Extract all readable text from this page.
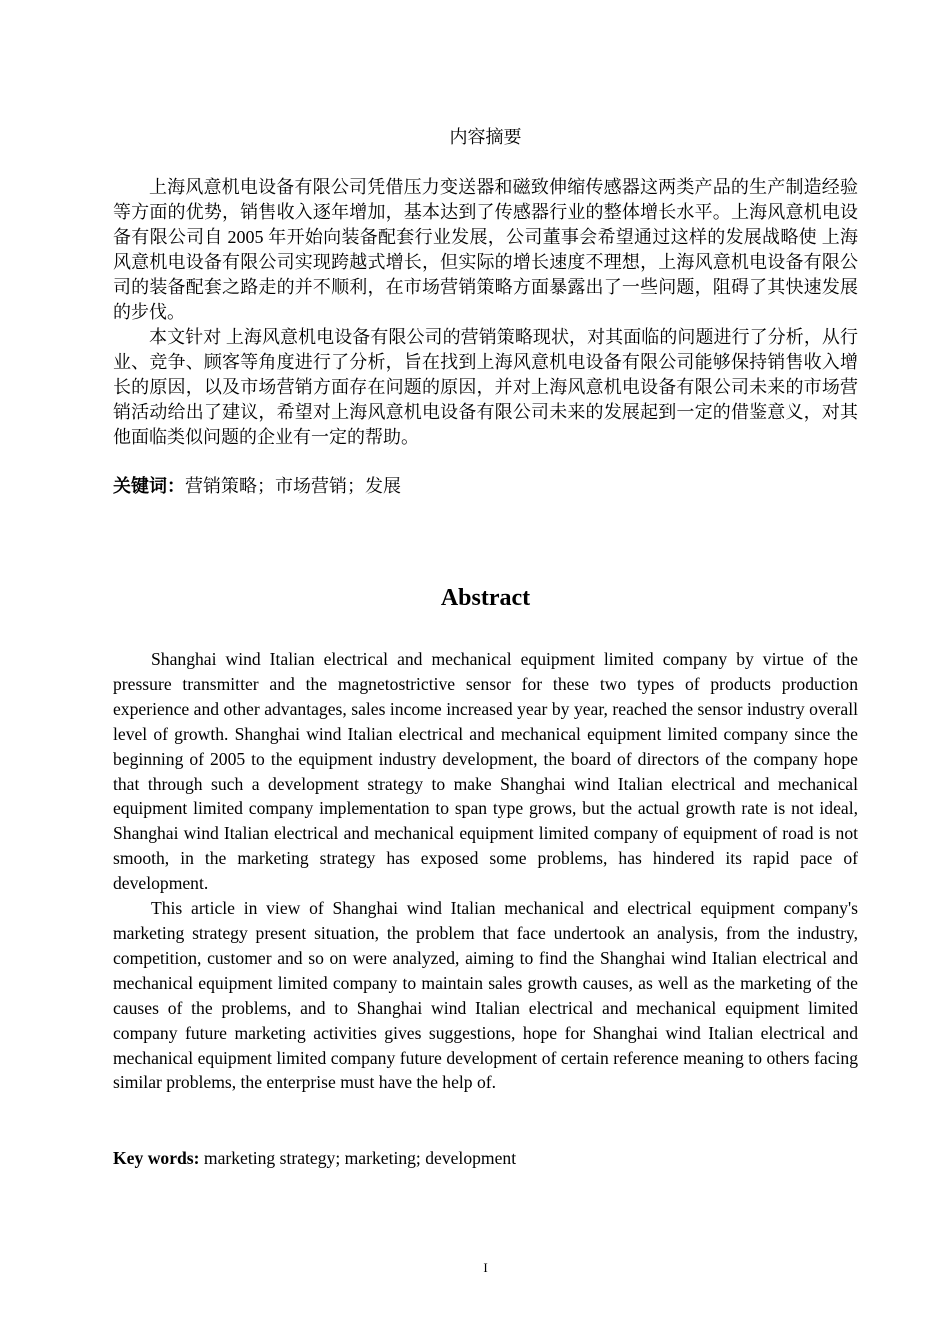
内容摘要

上海风意机电设备有限公司凭借压力变送器和磁致伸缩传感器这两类产品的生产制造经验等方面的优势，销售收入逐年增加，基本达到了传感器行业的整体增长水平。上海风意机电设备有限公司自 2005 年开始向装备配套行业发展，公司董事会希望通过这样的发展战略使 上海风意机电设备有限公司实现跨越式增长，但实际的增长速度不理想，上海风意机电设备有限公司的装备配套之路走的并不顺利，在市场营销策略方面暴露出了一些问题，阻碍了其快速发展的步伐。

本文针对 上海风意机电设备有限公司的营销策略现状，对其面临的问题进行了分析，从行业、竞争、顾客等角度进行了分析，旨在找到上海风意机电设备有限公司能够保持销售收入增长的原因，以及市场营销方面存在问题的原因，并对上海风意机电设备有限公司未来的市场营销活动给出了建议，希望对上海风意机电设备有限公司未来的发展起到一定的借鉴意义，对其他面临类似问题的企业有一定的帮助。

关键词：营销策略；市场营销；发展
Abstract

Shanghai wind Italian electrical and mechanical equipment limited company by virtue of the pressure transmitter and the magnetostrictive sensor for these two types of products production experience and other advantages, sales income increased year by year, reached the sensor industry overall level of growth. Shanghai wind Italian electrical and mechanical equipment limited company since the beginning of 2005 to the equipment industry development, the board of directors of the company hope that through such a development strategy to make Shanghai wind Italian electrical and mechanical equipment limited company implementation to span type grows, but the actual growth rate is not ideal, Shanghai wind Italian electrical and mechanical equipment limited company of equipment of road is not smooth, in the marketing strategy has exposed some problems, has hindered its rapid pace of development.

This article in view of Shanghai wind Italian mechanical and electrical equipment company's marketing strategy present situation, the problem that face undertook an analysis, from the industry, competition, customer and so on were analyzed, aiming to find the Shanghai wind Italian electrical and mechanical equipment limited company to maintain sales growth causes, as well as the marketing of the causes of the problems, and to Shanghai wind Italian electrical and mechanical equipment limited company future marketing activities gives suggestions, hope for Shanghai wind Italian electrical and mechanical equipment limited company future development of certain reference meaning to others facing similar problems, the enterprise must have the help of.

Key words: marketing strategy; marketing; development
I
